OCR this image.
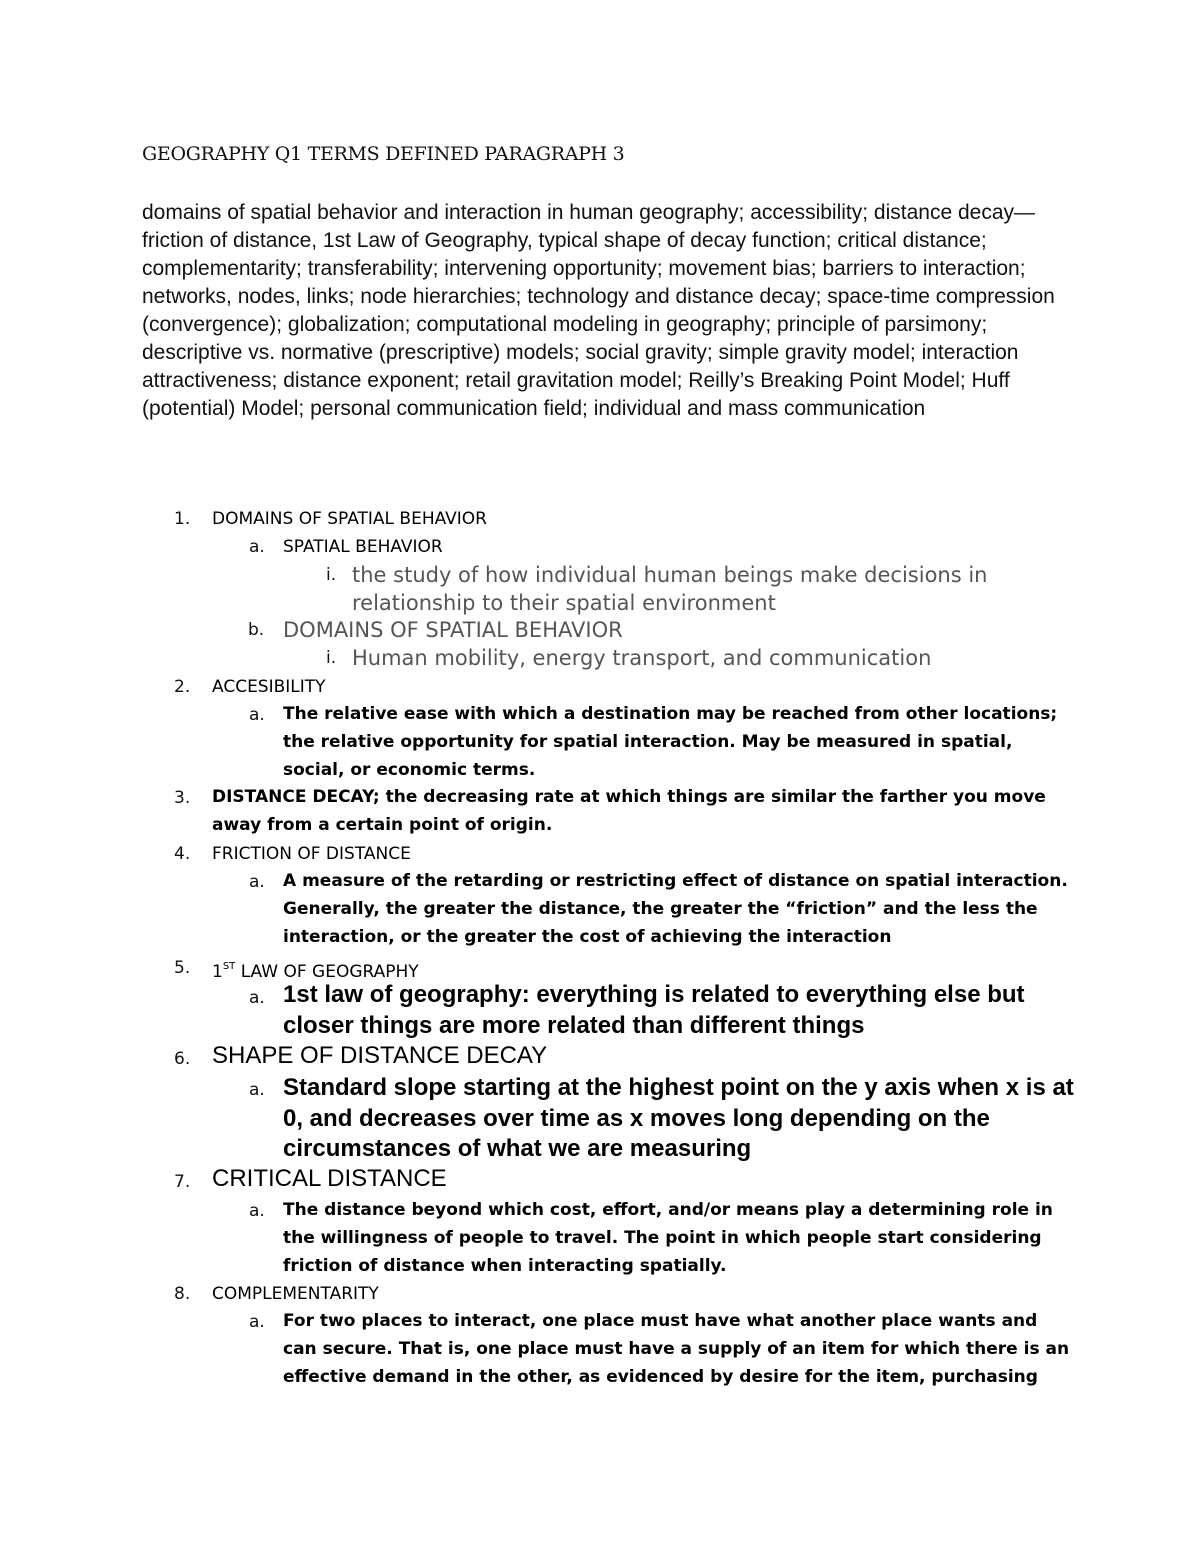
GEOGRAPHY Q1 TERMS DEFINED PARAGRAPH 3
domains of spatial behavior and interaction in human geography; accessibility; distance decay—friction of distance, 1st Law of Geography, typical shape of decay function; critical distance; complementarity; transferability; intervening opportunity; movement bias; barriers to interaction; networks, nodes, links; node hierarchies; technology and distance decay; space-time compression (convergence); globalization; computational modeling in geography; principle of parsimony; descriptive vs. normative (prescriptive) models; social gravity; simple gravity model; interaction attractiveness; distance exponent; retail gravitation model; Reilly’s Breaking Point Model; Huff (potential) Model; personal communication field; individual and mass communication
1. DOMAINS OF SPATIAL BEHAVIOR
a. SPATIAL BEHAVIOR
i. the study of how individual human beings make decisions in
relationship to their spatial environment
b. DOMAINS OF SPATIAL BEHAVIOR
i. Human mobility, energy transport, and communication
2. ACCESIBILITY
a. The relative ease with which a destination may be reached from other locations;
the relative opportunity for spatial interaction. May be measured in spatial,
social, or economic terms.
3. DISTANCE DECAY; the decreasing rate at which things are similar the farther you move
away from a certain point of origin.
4. FRICTION OF DISTANCE
a. A measure of the retarding or restricting effect of distance on spatial interaction.
Generally, the greater the distance, the greater the “friction” and the less the
interaction, or the greater the cost of achieving the interaction
5. 1ST LAW OF GEOGRAPHY
a. 1st law of geography: everything is related to everything else but
closer things are more related than different things
6. SHAPE OF DISTANCE DECAY
a. Standard slope starting at the highest point on the y axis when x is at
0, and decreases over time as x moves long depending on the
circumstances of what we are measuring
7. CRITICAL DISTANCE
a. The distance beyond which cost, effort, and/or means play a determining role in
the willingness of people to travel. The point in which people start considering
friction of distance when interacting spatially.
8. COMPLEMENTARITY
a. For two places to interact, one place must have what another place wants and
can secure. That is, one place must have a supply of an item for which there is an
effective demand in the other, as evidenced by desire for the item, purchasing
